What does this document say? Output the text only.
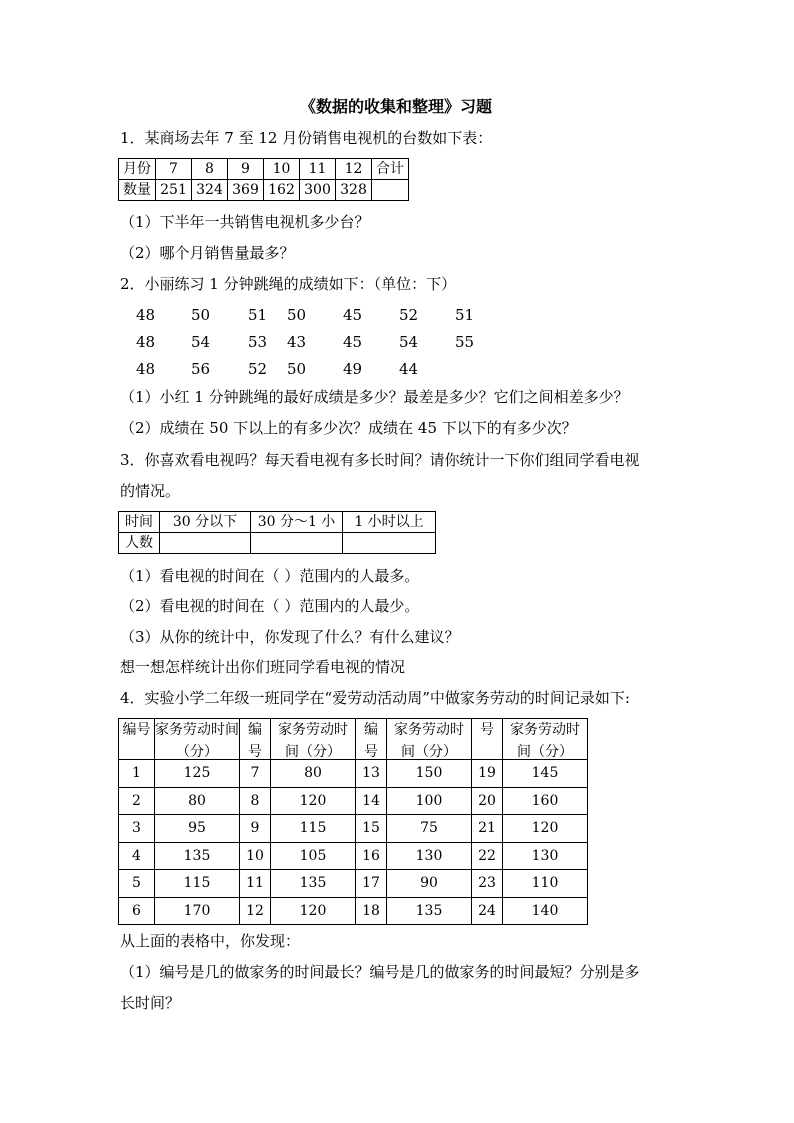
《数据的收集和整理》习题
1．某商场去年 7 至 12 月份销售电视机的台数如下表：
月份	7	8	9	10	11	12	合计
数量	251	324	369	162	300	328	
（1）下半年一共销售电视机多少台？
（2）哪个月销售量最多？
2．小丽练习 1 分钟跳绳的成绩如下：（单位：下）
48 50	51 50 45 52 51
48 54	53 43 45 54 55
48 56	52 50 49 44
（1）小红 1 分钟跳绳的最好成绩是多少？最差是多少？它们之间相差多少？
（2）成绩在 50 下以上的有多少次？成绩在 45 下以下的有多少次？
3．你喜欢看电视吗？每天看电视有多长时间？请你统计一下你们组同学看电视
的情况。
时间	30 分以下	30 分～1 小	1 小时以上
人数			
（1）看电视的时间在（ ）范围内的人最多。
（2）看电视的时间在（ ）范围内的人最少。
（3）从你的统计中，你发现了什么？有什么建议？
想一想怎样统计出你们班同学看电视的情况
4．实验小学二年级一班同学在“爱劳动活动周”中做家务劳动的时间记录如下:
编号	家务劳动时间（分）	编号	家务劳动时间（分）	编号	家务劳动时间（分）	号	家务劳动时间（分）

1	125	7	80	13	150	19	145
2	80	8	120	14	100	20	160
3	95	9	115	15	75	21	120
4	135	10	105	16	130	22	130
5	115	11	135	17	90	23	110
6	170	12	120	18	135	24	140
从上面的表格中，你发现：
（1）编号是几的做家务的时间最长？编号是几的做家务的时间最短？分别是多
长时间？
